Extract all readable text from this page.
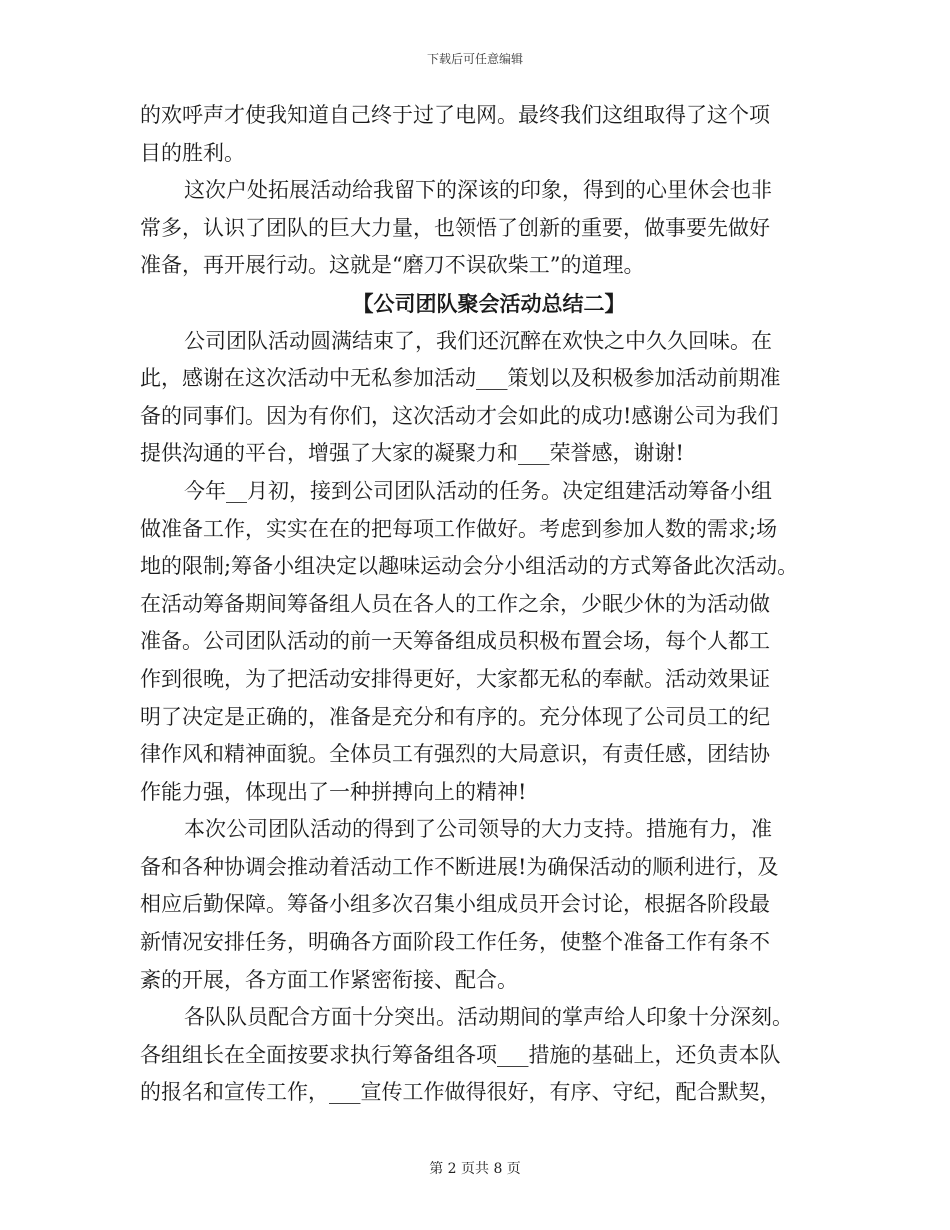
下载后可任意编辑
的欢呼声才使我知道自己终于过了电网。最终我们这组取得了这个项
目的胜利。
这次户处拓展活动给我留下的深该的印象，得到的心里休会也非
常多，认识了团队的巨大力量，也领悟了创新的重要，做事要先做好
准备，再开展行动。这就是“磨刀不误砍柴工”的道理。
【公司团队聚会活动总结二】
公司团队活动圆满结束了，我们还沉醉在欢快之中久久回味。在
此，感谢在这次活动中无私参加活动___策划以及积极参加活动前期准
备的同事们。因为有你们，这次活动才会如此的成功!感谢公司为我们
提供沟通的平台，增强了大家的凝聚力和___荣誉感，谢谢!
今年__月初，接到公司团队活动的任务。决定组建活动筹备小组
做准备工作，实实在在的把每项工作做好。考虑到参加人数的需求;场
地的限制;筹备小组决定以趣味运动会分小组活动的方式筹备此次活动。
在活动筹备期间筹备组人员在各人的工作之余，少眠少休的为活动做
准备。公司团队活动的前一天筹备组成员积极布置会场，每个人都工
作到很晚，为了把活动安排得更好，大家都无私的奉献。活动效果证
明了决定是正确的，准备是充分和有序的。充分体现了公司员工的纪
律作风和精神面貌。全体员工有强烈的大局意识，有责任感，团结协
作能力强，体现出了一种拼搏向上的精神!
本次公司团队活动的得到了公司领导的大力支持。措施有力，准
备和各种协调会推动着活动工作不断进展!为确保活动的顺利进行，及
相应后勤保障。筹备小组多次召集小组成员开会讨论，根据各阶段最
新情况安排任务，明确各方面阶段工作任务，使整个准备工作有条不
紊的开展，各方面工作紧密衔接、配合。
各队队员配合方面十分突出。活动期间的掌声给人印象十分深刻。
各组组长在全面按要求执行筹备组各项___措施的基础上，还负责本队
的报名和宣传工作，___宣传工作做得很好，有序、守纪，配合默契，
第 2 页共 8 页
